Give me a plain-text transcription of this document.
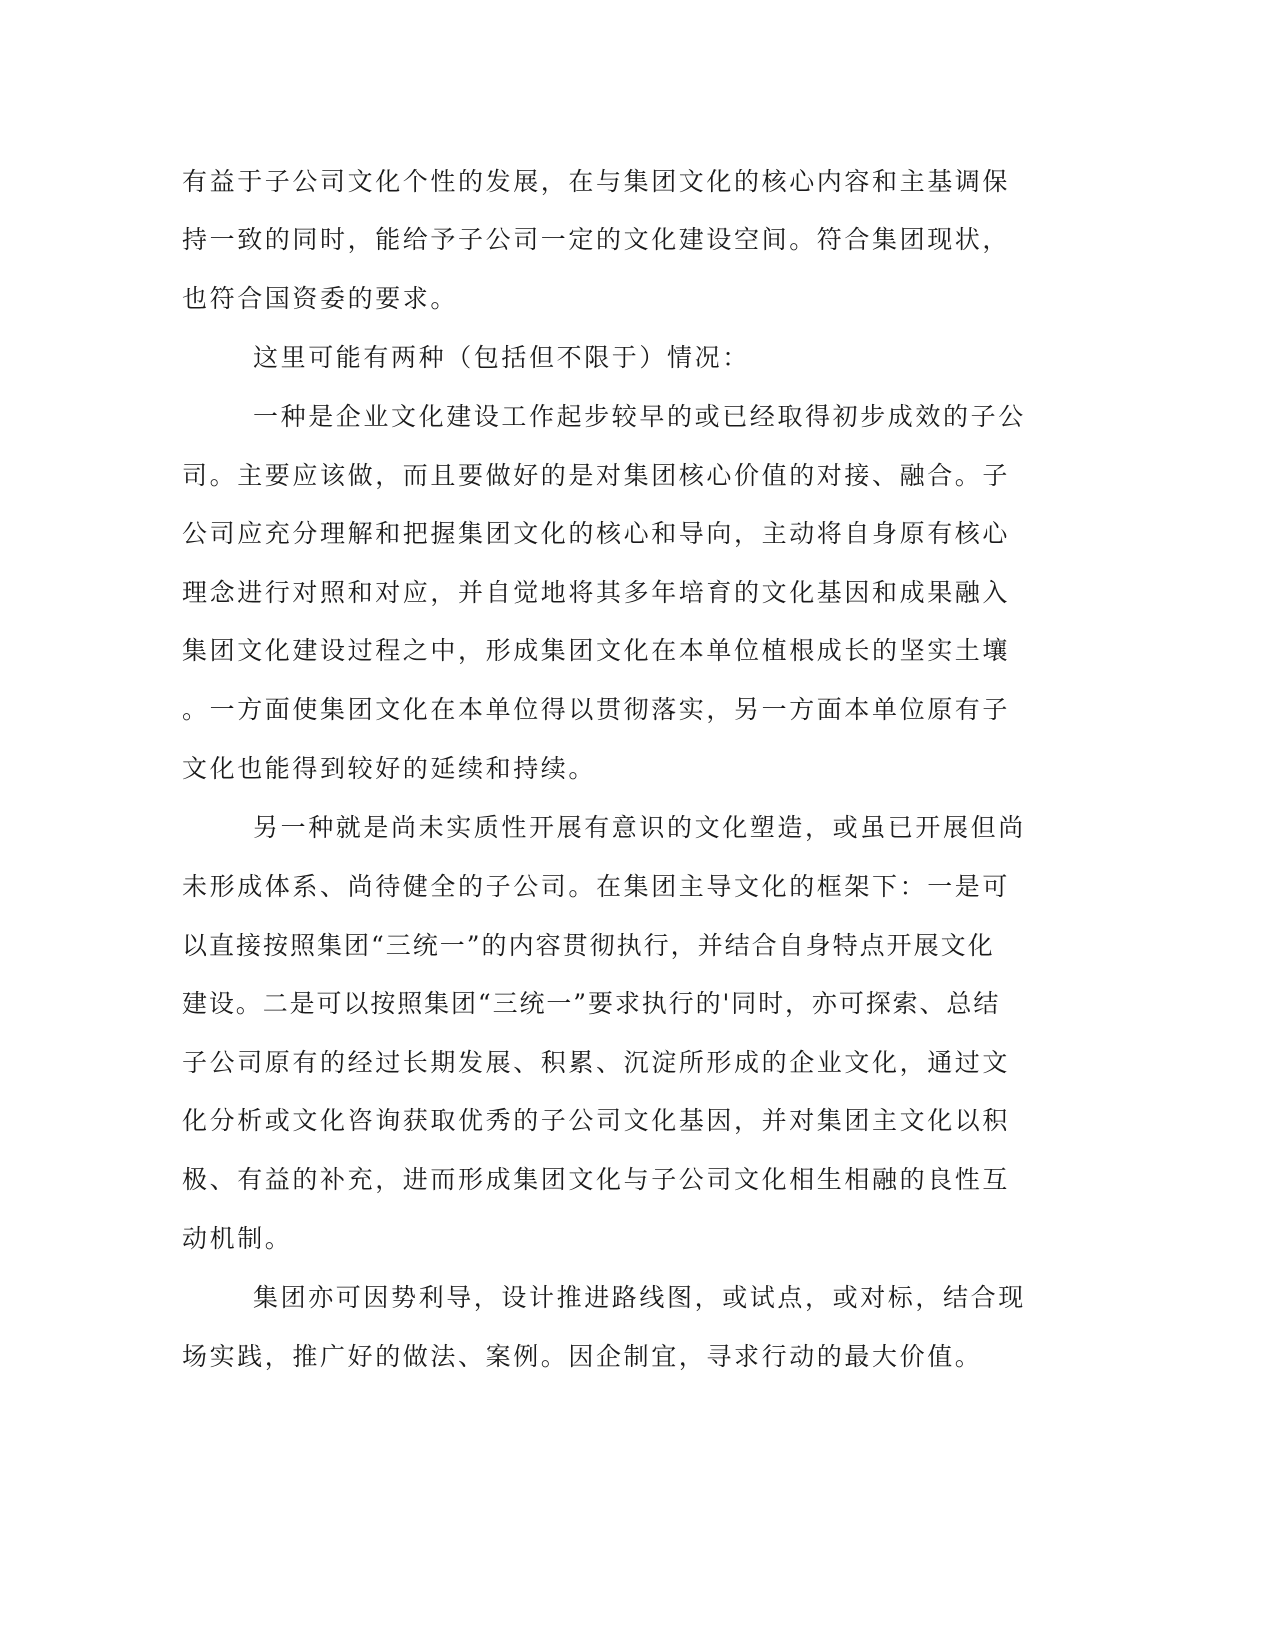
有益于子公司文化个性的发展，在与集团文化的核心内容和主基调保
持一致的同时，能给予子公司一定的文化建设空间。符合集团现状，
也符合国资委的要求。
这里可能有两种（包括但不限于）情况：
一种是企业文化建设工作起步较早的或已经取得初步成效的子公
司。主要应该做，而且要做好的是对集团核心价值的对接、融合。子
公司应充分理解和把握集团文化的核心和导向，主动将自身原有核心
理念进行对照和对应，并自觉地将其多年培育的文化基因和成果融入
集团文化建设过程之中，形成集团文化在本单位植根成长的坚实土壤
。一方面使集团文化在本单位得以贯彻落实，另一方面本单位原有子
文化也能得到较好的延续和持续。
另一种就是尚未实质性开展有意识的文化塑造，或虽已开展但尚
未形成体系、尚待健全的子公司。在集团主导文化的框架下：一是可
以直接按照集团“三统一”的内容贯彻执行，并结合自身特点开展文化
建设。二是可以按照集团“三统一”要求执行的'同时，亦可探索、总结
子公司原有的经过长期发展、积累、沉淀所形成的企业文化，通过文
化分析或文化咨询获取优秀的子公司文化基因，并对集团主文化以积
极、有益的补充，进而形成集团文化与子公司文化相生相融的良性互
动机制。
集团亦可因势利导，设计推进路线图，或试点，或对标，结合现
场实践，推广好的做法、案例。因企制宜，寻求行动的最大价值。
